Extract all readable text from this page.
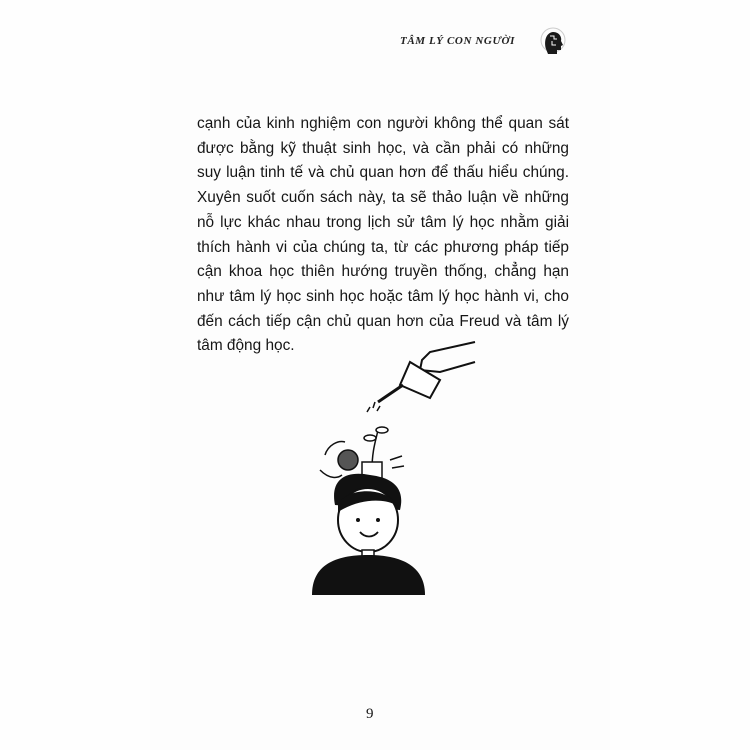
TÂM LÝ CON NGƯỜI

cạnh của kinh nghiệm con người không thể quan sát được bằng kỹ thuật sinh học, và cần phải có những suy luận tinh tế và chủ quan hơn để thấu hiểu chúng. Xuyên suốt cuốn sách này, ta sẽ thảo luận về những nỗ lực khác nhau trong lịch sử tâm lý học nhằm giải thích hành vi của chúng ta, từ các phương pháp tiếp cận khoa học thiên hướng truyền thống, chẳng hạn như tâm lý học sinh học hoặc tâm lý học hành vi, cho đến cách tiếp cận chủ quan hơn của Freud và tâm lý tâm động học.

9
